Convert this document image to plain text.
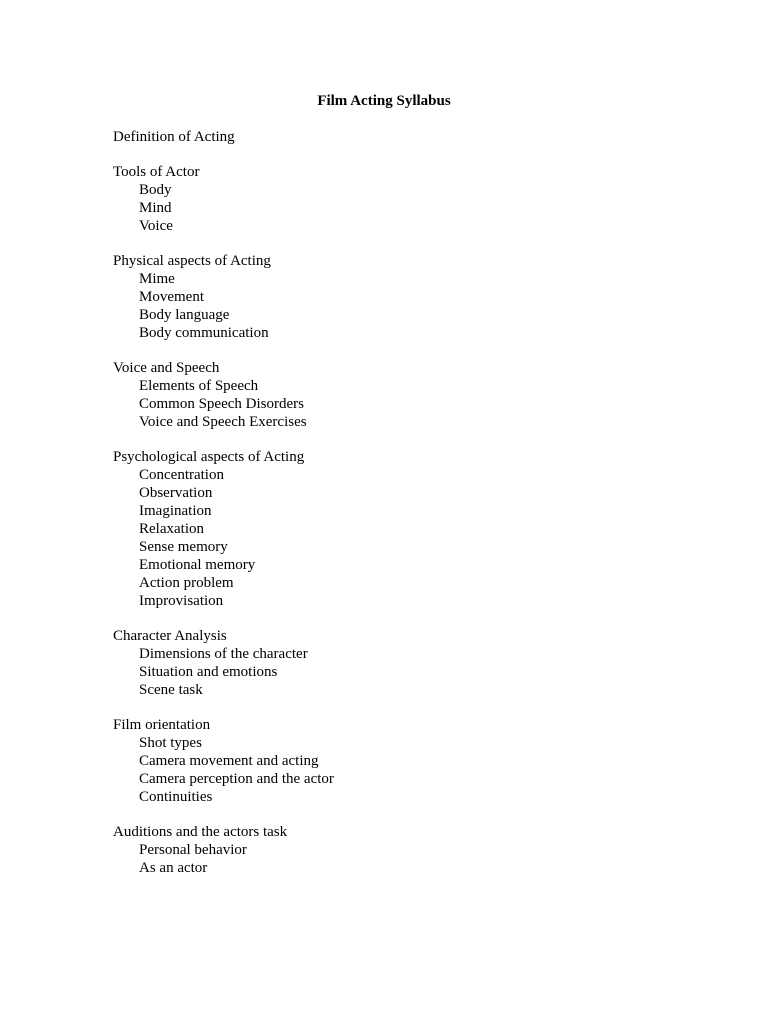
Film Acting Syllabus
Definition of Acting
Tools of Actor
Body
Mind
Voice
Physical aspects of Acting
Mime
Movement
Body language
Body communication
Voice and Speech
Elements of Speech
Common Speech Disorders
Voice and Speech Exercises
Psychological aspects of Acting
Concentration
Observation
Imagination
Relaxation
Sense memory
Emotional memory
Action problem
Improvisation
Character Analysis
Dimensions of the character
Situation and emotions
Scene task
Film orientation
Shot types
Camera movement and acting
Camera perception and the actor
Continuities
Auditions and the actors task
Personal behavior
As an actor
